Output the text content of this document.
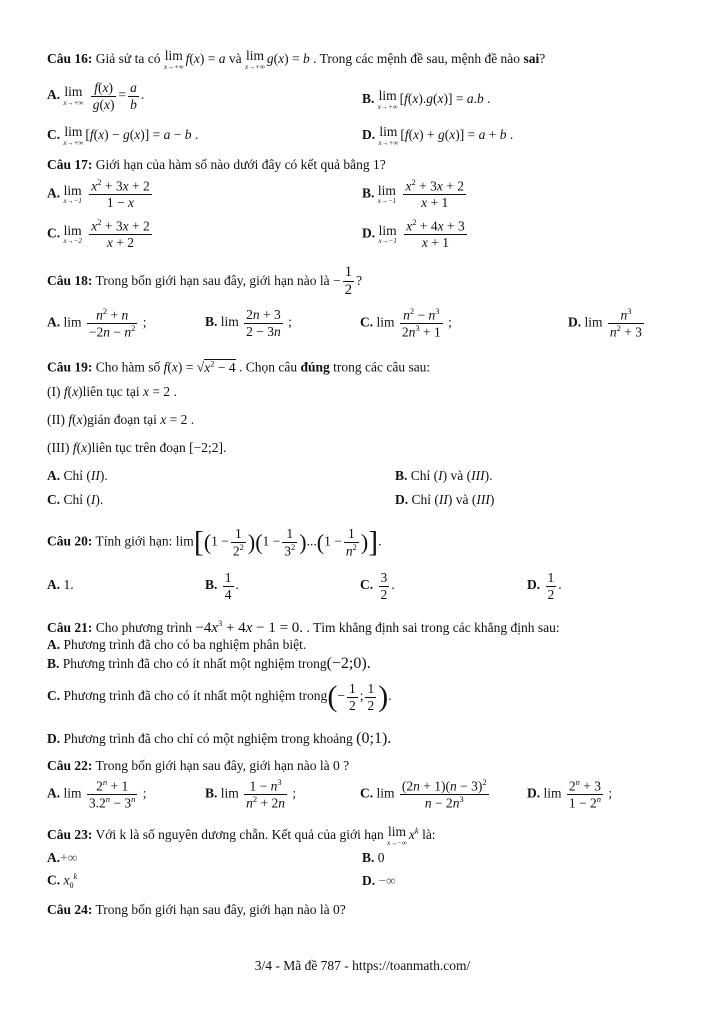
Câu 16: Giả sử ta có lim
x→+∞
f(x) = a và lim
x→+∞
g(x) = b . Trong các mệnh đề sau, mệnh đề nào sai?
A. lim
x→+∞
$\frac{f(x)}{g(x)} = \frac{a}{b}$ .	B. lim
x→+∞
[f(x).g(x)] = a.b .
C. lim
x→+∞
[f(x) − g(x)] = a − b .	D. lim
x→+∞
[f(x) + g(x)] = a + b .
Câu 17: Giới hạn của hàm số nào dưới đây có kết quả bằng 1?
A. lim
x→−1
$\frac{x^2 + 3x + 2}{1 - x}$	B. lim
x→−1
$\frac{x^2 + 3x + 2}{x + 1}$
C. lim
x→−2
$\frac{x^2 + 3x + 2}{x + 2}$	D. lim
x→−1
$\frac{x^2 + 4x + 3}{x + 1}$
Câu 18: Trong bốn giới hạn sau đây, giới hạn nào là − $\frac{1}{2}$ ?
A. $\lim \frac{n^2 + n}{-2n - n^2}$ ;	B. $\lim \frac{2n + 3}{2 - 3n}$ ;	C. $\lim \frac{n^2 - n^3}{2n^3 + 1}$ ;	D. $\lim \frac{n^3}{n^2 + 3}$
Câu 19: Cho hàm số $f(x) = √x^2 - 4$ . Chọn câu đúng trong các câu sau:
(I) f(x)liên tục tại x = 2 .
(II) f(x)gián đoạn tại x = 2 .
(III) f(x)liên tục trên đoạn [−2;2].
A. Chỉ (II).	B. Chỉ (I) và (III).
C. Chỉ (I).	D. Chỉ (II) và (III)
Câu 20: Tính giới hạn: $\lim[(1 - \frac{1}{2^2} )(1 - \frac{1}{3^2} )...(1 - \frac{1}{n^2}$ )].
A. 1.	B. $\frac{1}{4}$ .	C. $\frac{3}{2}$ .	D. $\frac{1}{2}$ .
Câu 21: Cho phương trình $-4x^3 + 4x - 1 = 0$. . Tìm khẳng định sai trong các khẳng định sau:
A. Phương trình đã cho có ba nghiệm phân biệt.
B. Phương trình đã cho có ít nhất một nghiệm trong(−2;0).
C. Phương trình đã cho có ít nhất một nghiệm trong(− $\frac{1}{2}$ ; $\frac{1}{2}$ ).
D. Phương trình đã cho chỉ có một nghiệm trong khoảng (0;1).
Câu 22: Trong bốn giới hạn sau đây, giới hạn nào là 0 ?
A. $\lim \frac{2^n + 1}{3.2^n - 3^n}$ ;	B. $\lim \frac{1 - n^3}{n^2 + 2n}$ ;	C. $\lim \frac{(2n + 1)(n - 3)^2}{n - 2n^3}$	D. $\lim \frac{2^n + 3}{1 - 2^n}$ ;
Câu 23: Với k là số nguyên dương chẵn. Kết quả của giới hạn lim
x→−∞
$x^k$ là:
A.+∞	B. 0
C. $x_0^k$	D. −∞
Câu 24: Trong bốn giới hạn sau đây, giới hạn nào là 0?
3/4 - Mã đề 787 - https://toanmath.com/
